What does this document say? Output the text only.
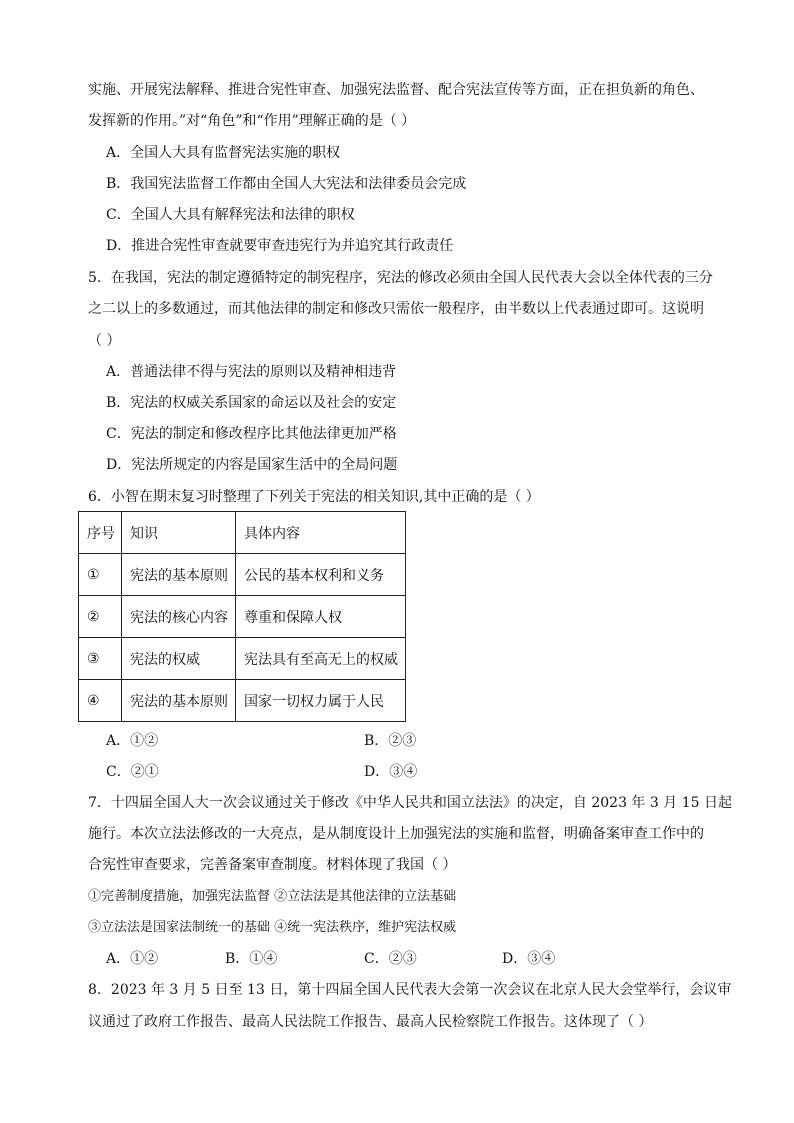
实施、开展宪法解释、推进合宪性审查、加强宪法监督、配合宪法宣传等方面，正在担负新的角色、
发挥新的作用。”对“角色”和“作用”理解正确的是（ ）
A．全国人大具有监督宪法实施的职权
B．我国宪法监督工作都由全国人大宪法和法律委员会完成
C．全国人大具有解释宪法和法律的职权
D．推进合宪性审查就要审查违宪行为并追究其行政责任
5．在我国，宪法的制定遵循特定的制宪程序，宪法的修改必须由全国人民代表大会以全体代表的三分
之二以上的多数通过，而其他法律的制定和修改只需依一般程序，由半数以上代表通过即可。这说明
（ ）
A．普通法律不得与宪法的原则以及精神相违背
B．宪法的权威关系国家的命运以及社会的安定
C．宪法的制定和修改程序比其他法律更加严格
D．宪法所规定的内容是国家生活中的全局问题
6．小智在期末复习时整理了下列关于宪法的相关知识,其中正确的是（ ）
序号	知识	具体内容
①	宪法的基本原则	公民的基本权利和义务
②	宪法的核心内容	尊重和保障人权
③	宪法的权威	宪法具有至高无上的权威
④	宪法的基本原则	国家一切权力属于人民
A．①②	B．②③
C．②①	D．③④
7．十四届全国人大一次会议通过关于修改《中华人民共和国立法法》的决定，自 2023 年 3 月 15 日起
施行。本次立法法修改的一大亮点，是从制度设计上加强宪法的实施和监督，明确备案审查工作中的
合宪性审查要求，完善备案审查制度。材料体现了我国（ ）
①完善制度措施，加强宪法监督 ②立法法是其他法律的立法基础
③立法法是国家法制统一的基础 ④统一宪法秩序，维护宪法权威
A．①②	B．①④	C．②③	D．③④
8．2023 年 3 月 5 日至 13 日，第十四届全国人民代表大会第一次会议在北京人民大会堂举行，会议审
议通过了政府工作报告、最高人民法院工作报告、最高人民检察院工作报告。这体现了（ ）
